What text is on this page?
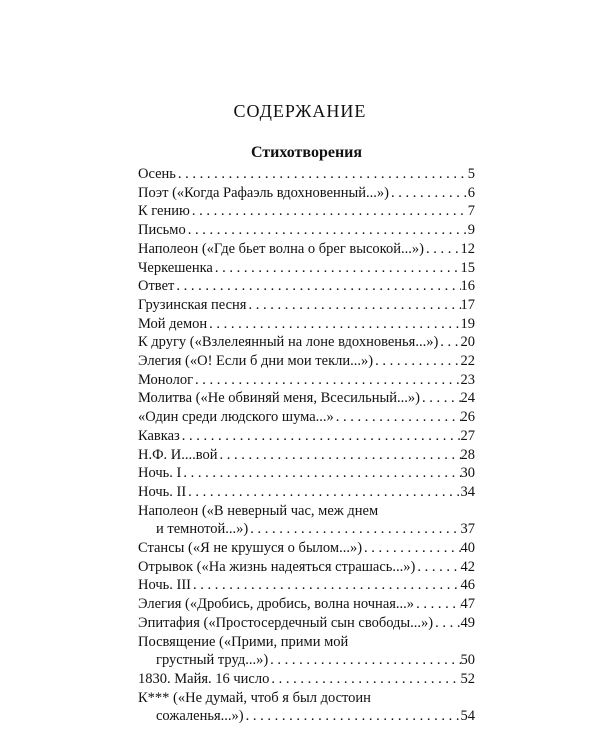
СОДЕРЖАНИЕ
Стихотворения
Осень . . .	5
Поэт («Когда Рафаэль вдохновенный...») . . .	6
К гению . . .	7
Письмо . . .	9
Наполеон («Где бьет волна о брег высокой...») . . .	12
Черкешенка . . .	15
Ответ . . .	16
Грузинская песня . . .	17
Мой демон . . .	19
К другу («Взлелеянный на лоне вдохновенья...») . . . 20
Элегия («О! Если б дни мои текли...») . . .	22
Монолог . . .	23
Молитва («Не обвиняй меня, Всесильный...») . . .	24
«Один среди людского шума...» . . .	26
Кавказ . . .	27
Н.Ф. И....вой . . .	28
Ночь. I . . .	30
Ночь. II . . .	34
Наполеон («В неверный час, меж днем
и темнотой...») . . .	37
Стансы («Я не крушуся о былом...») . . .	40
Отрывок («На жизнь надеяться страшась...») . . .	42
Ночь. III . . .	46
Элегия («Дробись, дробись, волна ночная...» . . .	47
Эпитафия («Простосердечный сын свободы...») . . . 49
Посвящение («Прими, прими мой
грустный труд...») . . .	50
1830. Майя. 16 число . . .	52
К*** («Не думай, чтоб я был достоин
сожаленья...») . . .	54
